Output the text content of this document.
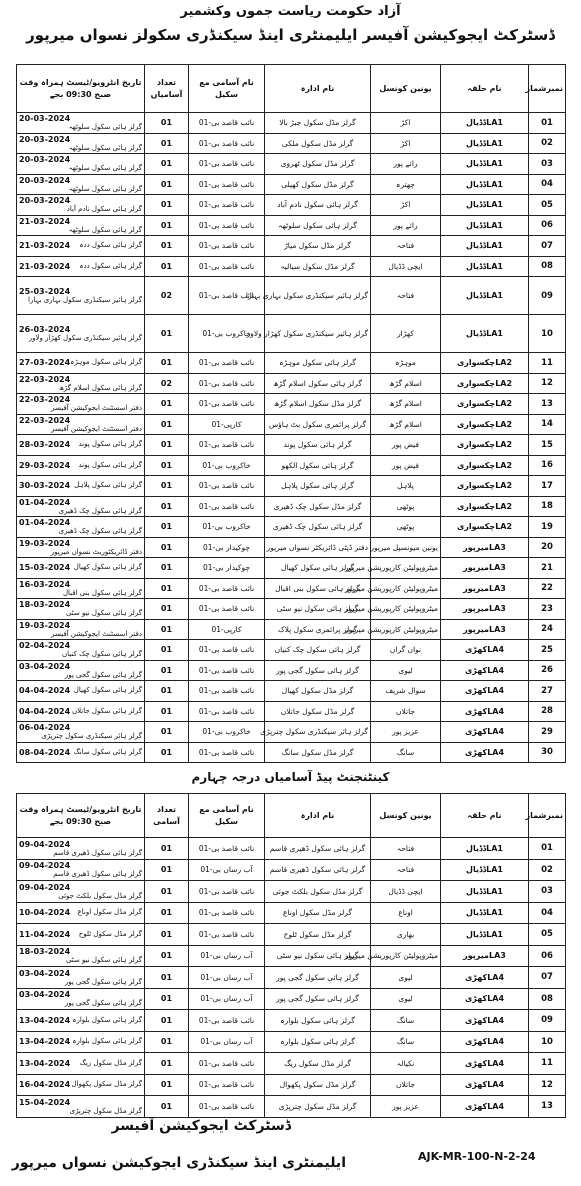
آزاد حکومت ریاست جموں وکشمیر
ڈسٹرکٹ ایجوکیشن آفیسر ایلیمنٹری اینڈ سیکنڈری سکولز نسواں میرپور
تاریخ انٹرویو/ٹیسٹ ہمراہ وقت صبح 09:30 بجے	تعداد آسامیاں	نام آسامی مع سکیل	نام ادارہ	یونین کونسل	نام حلقہ	نمبرشمار
20-03-2024
گرلز ہائی سکول سلوٹھہ	01	نائب قاصد بی-01	گرلز مڈل سکول جبڑ بالا	اکڑ	LA1ڈڈیال	01
20-03-2024
گرلز ہائی سکول سلوٹھہ	01	نائب قاصد بی-01	گرلز مڈل سکول ملکی	اکڑ	LA1ڈڈیال	02
20-03-2024
گرلز ہائی سکول سلوٹھہ	01	نائب قاصد بی-01	گرلز مڈل سکول ٹھروی	رائے پور	LA1ڈڈیال	03
20-03-2024
گرلز ہائی سکول سلوٹھہ	01	نائب قاصد بی-01	گرلز مڈل سکول کھیلی	چھترہ	LA1ڈڈیال	04
20-03-2024
گرلز ہائی سکول نادم آباد	01	نائب قاصد بی-01	گرلز ہائی سکول نادم آباد	اکڑ	LA1ڈڈیال	05
21-03-2024
گرلز ہائی سکول سلوٹھہ	01	نائب قاصد بی-01	گرلز ہائی سکول سلوٹھہ	رائے پور	LA1ڈڈیال	06
21-03-2024 گرلز ہائی سکول ددہ	01	نائب قاصد بی-01	گرلز مڈل سکول میاڑ	فتاحہ	LA1ڈڈیال	07
21-03-2024 گرلز ہائی سکول ددہ	01	نائب قاصد بی-01	گرلز مڈل سکول سیالیہ	ایچی ڈڈیال	LA1ڈڈیال	08
25-03-2024
گرلز ہائیر سیکنڈری سکول بہاری بہارا	02	نائب قاصد بی-01	گرلز ہائیر سیکنڈری سکول بہاری بہارا	فتاحہ	LA1ڈڈیال	09
26-03-2024
گرلز ہائیر سیکنڈری سکول کھڑار ولاور	01	خاکروب بی-01	گرلز ہائیر سیکنڈری سکول کھڑار ولاور	کھڑار	LA1ڈڈیال	10
27-03-2024 گرلز ہائی سکول موہڑہ	01	نائب قاصد بی-01	گرلز ہائی سکول موہڑہ	موہڑہ	LA2چکسواری	11
22-03-2024
گرلز ہائی سکول اسلام گڑھ	02	نائب قاصد بی-01	گرلز ہائی سکول اسلام گڑھ	اسلام گڑھ	LA2چکسواری	12
22-03-2024
دفتر اسسٹنٹ ایجوکیشن آفیسر	01	نائب قاصد بی-01	گرلز مڈل سکول اسلام گڑھ	اسلام گڑھ	LA2چکسواری	13
22-03-2024
دفتر اسسٹنٹ ایجوکیشن آفیسر	01	کارپی-01	گرلز پرائمری سکول بٹ ہاؤس	اسلام گڑھ	LA2چکسواری	14
28-03-2024 گرلز ہائی سکول پوند	01	نائب قاصد بی-01	گرلز ہائی سکول پوند	فیض پور	LA2چکسواری	15
29-03-2024 گرلز ہائی سکول پوند	01	خاکروب بی-01	گرلز ہائی سکول الکھو	فیض پور	LA2چکسواری	16
30-03-2024 گرلز ہائی سکول پلاہل	01	نائب قاصد بی-01	گرلز ہائی سکول پلاہل	پلاہل	LA2چکسواری	17
01-04-2024
گرلز ہائی سکول چک ڈھیری	01	نائب قاصد بی-01	گرلز مڈل سکول چک ڈھیری	پوٹھی	LA2چکسواری	18
01-04-2024
گرلز ہائی سکول چک ڈھیری	01	خاکروب بی-01	گرلز ہائی سکول چک ڈھیری	پوٹھی	LA2چکسواری	19
19-03-2024
دفتر ڈائریکٹوریٹ نسواں میرپور	01	چوکیدار بی-01	دفتر ڈپٹی ڈائریکٹر نسواں میرپور	یونین میونسپل میرپور	LA3میرپور	20
15-03-2024 گرلز ہائی سکول کھیال	01	چوکیدار بی-01	گرلز ہائی سکول کھیال	میٹروپولیٹن کارپوریشن میرپور	LA3میرپور	21
16-03-2024
گرلز ہائی سکول بنی اقبال	01	نائب قاصد بی-01	گرلز ہائی سکول بنی اقبال	میٹروپولیٹن کارپوریشن میرپور	LA3میرپور	22
18-03-2024
گرلز ہائی سکول نیو سٹی	01	نائب قاصد بی-01	گرلز ہائی سکول نیو سٹی	میٹروپولیٹن کارپوریشن میرپور	LA3میرپور	23
19-03-2024
دفتر اسسٹنٹ ایجوکیشن آفیسر	01	کارپی-01	گرلز پرائمری سکول پلاک	میٹروپولیٹن کارپوریشن میرپور	LA3میرپور	24
02-04-2024
گرلز ہائی سکول چک کنیاں	01	نائب قاصد بی-01	گرلز ہائی سکول چک کنیاں	نواں گراں	LA4کھڑی	25
03-04-2024
گرلز ہائی سکول گجی پور	01	نائب قاصد بی-01	گرلز ہائی سکول گجی پور	لیوی	LA4کھڑی	26
04-04-2024 گرلز ہائی سکول کھیال	01	نائب قاصد بی-01	گرلز مڈل سکول کھیال	سوال شریف	LA4کھڑی	27
04-04-2024 گرلز ہائی سکول جاتلاں	01	نائب قاصد بی-01	گرلز مڈل سکول جاتلاں	جاتلاں	LA4کھڑی	28
06-04-2024
گرلز ہائر سیکنڈری سکول چترپڑی	01	خاکروب بی-01	گرلز ہائر سیکنڈری سکول چترپڑی	عزیز پور	LA4کھڑی	29
08-04-2024 گرلز ہائی سکول سانگ	01	نائب قاصد بی-01	گرلز مڈل سکول سانگ	سانگ	LA4کھڑی	30
کینٹنجنٹ پیڈ آسامیاں درجہ چہارم
تاریخ انٹرویو/ٹیسٹ ہمراہ وقت صبح 09:30 بجے	تعداد آسامی	نام آسامی مع سکیل	نام ادارہ	یونین کونسل	نام حلقہ	نمبرشمار
09-04-2024
گرلز ہائی سکول ڈھیری قاسم	01	نائب قاصد بی-01	گرلز ہائی سکول ڈھیری قاسم	فتاحہ	LA1ڈڈیال	01
09-04-2024
گرلز ہائی سکول ڈھیری قاسم	01	آب رساں بی-01	گرلز ہائی سکول ڈھیری قاسم	فتاحہ	LA1ڈڈیال	02
09-04-2024
گرلز مڈل سکول بلکٹ جوئی	01	نائب قاصد بی-01	گرلز مڈل سکول بلکٹ جوئی	ایچی ڈڈیال	LA1ڈڈیال	03
10-04-2024 گرلز مڈل سکول اوناع	01	نائب قاصد بی-01	گرلز مڈل سکول اوناع	اوناع	LA1ڈڈیال	04
11-04-2024 گرلز مڈل سکول ٹلوح	01	نائب قاصد بی-01	گرلز مڈل سکول ٹلوح	بھاری	LA1ڈڈیال	05
18-03-2024
گرلز ہائی سکول نیو سٹی	01	آب رساں بی-01	گرلز ہائی سکول نیو سٹی	میٹروپولیٹن کارپوریشن میرپور	LA3میرپور	06
03-04-2024
گرلز ہائی سکول گجی پور	01	آب رساں بی-01	گرلز ہائی سکول گجی پور	لیوی	LA4کھڑی	07
03-04-2024
گرلز ہائی سکول گجی پور	01	آب رساں بی-01	گرلز ہائی سکول گجی پور	لیوی	LA4کھڑی	08
13-04-2024 گرلز ہائی سکول بلوارہ	01	نائب قاصد بی-01	گرلز ہائی سکول بلوارہ	سانگ	LA4کھڑی	09
13-04-2024 گرلز ہائی سکول بلوارہ	01	آب رساں بی-01	گرلز ہائی سکول بلوارہ	سانگ	LA4کھڑی	10
13-04-2024 گرلز مڈل سکول ریگ	01	نائب قاصد بی-01	گرلز مڈل سکول ریگ	نکیالہ	LA4کھڑی	11
16-04-2024 گرلز مڈل سکول پکھوال	01	نائب قاصد بی-01	گرلز مڈل سکول پکھوال	جاتلاں	LA4کھڑی	12
15-04-2024
گرلز مڈل سکول چترپڑی	01	نائب قاصد بی-01	گرلز مڈل سکول چترپڑی	عزیز پور	LA4کھڑی	13
ڈسٹرکٹ ایجوکیشن آفیسر
ایلیمنٹری اینڈ سیکنڈری ایجوکیشن نسواں میرپور	AJK-MR-100-N-2-24
